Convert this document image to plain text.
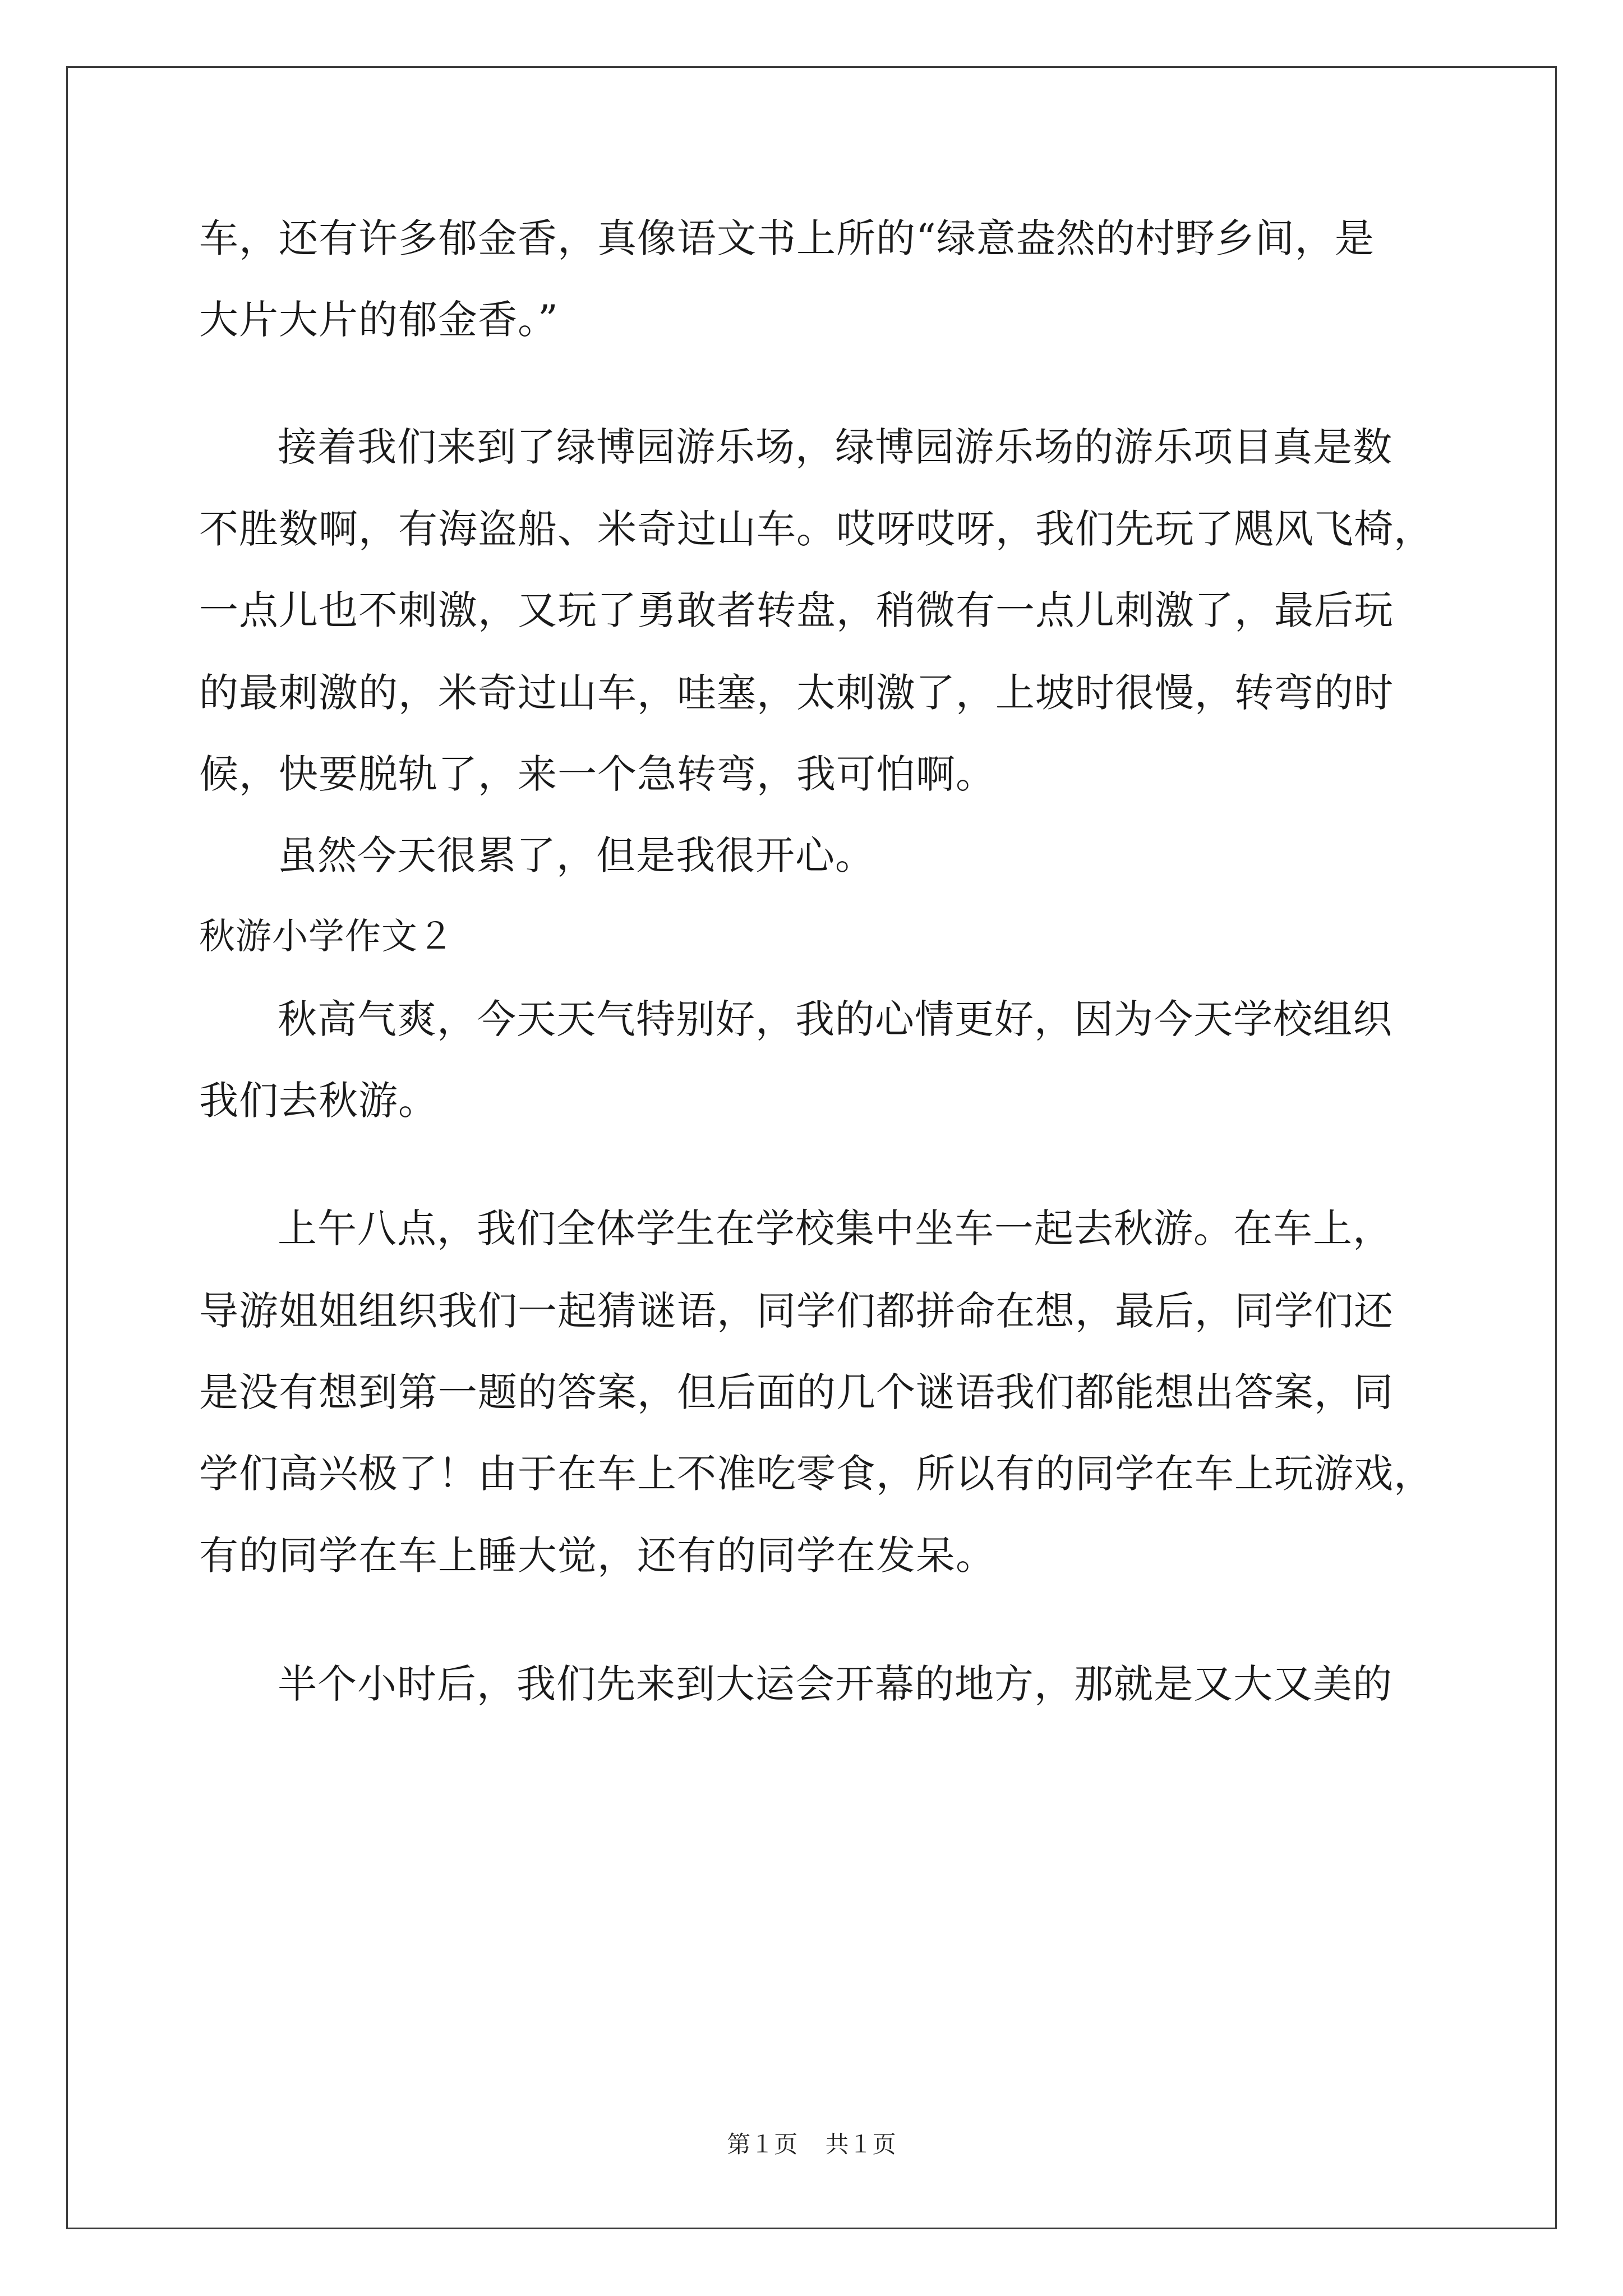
车，还有许多郁金香，真像语文书上所的“绿意盎然的村野乡间，是
大片大片的郁金香。”
接着我们来到了绿博园游乐场，绿博园游乐场的游乐项目真是数
不胜数啊，有海盗船、米奇过山车。哎呀哎呀，我们先玩了飓风飞椅，
一点儿也不刺激，又玩了勇敢者转盘，稍微有一点儿刺激了，最后玩
的最刺激的，米奇过山车，哇塞，太刺激了，上坡时很慢，转弯的时
候，快要脱轨了，来一个急转弯，我可怕啊。
虽然今天很累了，但是我很开心。
秋游小学作文２
秋高气爽，今天天气特别好，我的心情更好，因为今天学校组织
我们去秋游。
上午八点，我们全体学生在学校集中坐车一起去秋游。在车上，
导游姐姐组织我们一起猜谜语，同学们都拼命在想，最后，同学们还
是没有想到第一题的答案，但后面的几个谜语我们都能想出答案，同
学们高兴极了！由于在车上不准吃零食，所以有的同学在车上玩游戏，
有的同学在车上睡大觉，还有的同学在发呆。
半个小时后，我们先来到大运会开幕的地方，那就是又大又美的
第１页 共１页
